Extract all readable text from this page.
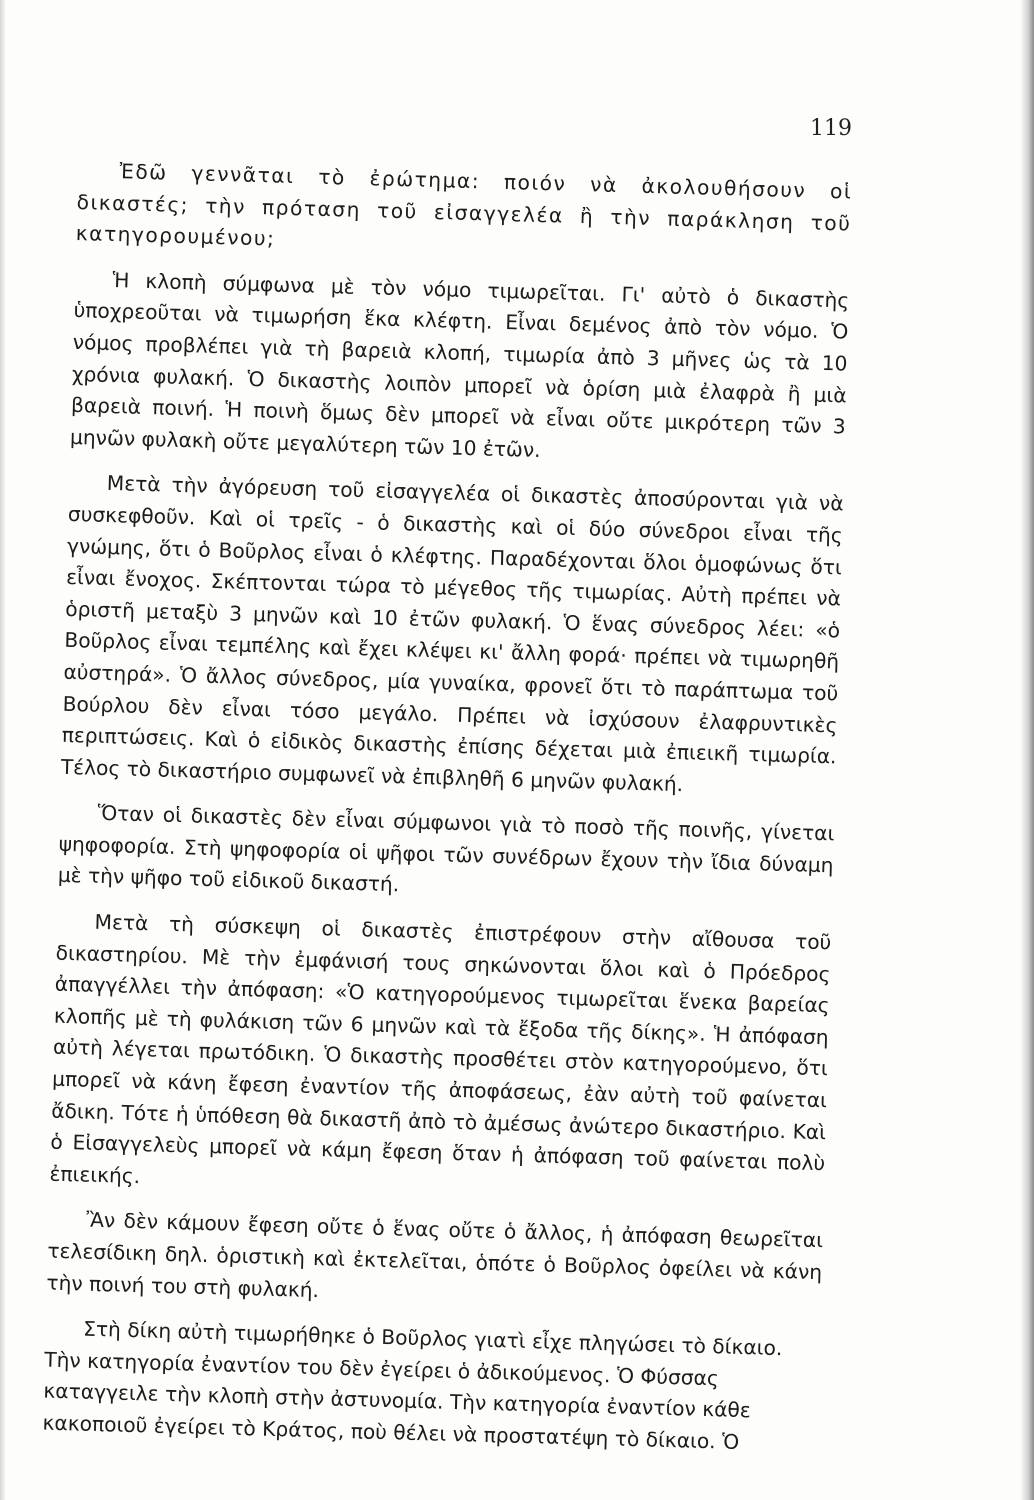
119

Ἐδῶ γεννᾶται τὸ ἐρώτημα: ποιόν νὰ ἀκολουθήσουν οἱ δικαστές; τὴν πρόταση τοῦ εἰσαγγελέα ἢ τὴν παράκληση τοῦ κατηγορουμένου;

Ἡ κλοπὴ σύμφωνα μὲ τὸν νόμο τιμωρεῖται. Γι' αὐτὸ ὁ δικαστὴς ὑποχρεοῦται νὰ τιμωρήση ἕκα κλέφτη. Εἶναι δεμένος ἀπὸ τὸν νόμο. Ὁ νόμος προβλέπει γιὰ τὴ βαρειὰ κλοπή, τιμωρία ἀπὸ 3 μῆνες ὡς τὰ 10 χρόνια φυλακή. Ὁ δικαστὴς λοιπὸν μπορεῖ νὰ ὁρίση μιὰ ἐλαφρὰ ἢ μιὰ βαρειὰ ποινή. Ἡ ποινὴ ὅμως δὲν μπορεῖ νὰ εἶναι οὔτε μικρότερη τῶν 3 μηνῶν φυλακὴ οὔτε μεγαλύτερη τῶν 10 ἐτῶν.

Μετὰ τὴν ἀγόρευση τοῦ εἰσαγγελέα οἱ δικαστὲς ἀποσύρονται γιὰ νὰ συσκεφθοῦν. Καὶ οἱ τρεῖς - ὁ δικαστὴς καὶ οἱ δύο σύνεδροι εἶναι τῆς γνώμης, ὅτι ὁ Βοῦρλος εἶναι ὁ κλέφτης. Παραδέχονται ὅλοι ὁμοφώνως ὅτι εἶναι ἔνοχος. Σκέπτονται τώρα τὸ μέγεθος τῆς τιμωρίας. Αὐτὴ πρέπει νὰ ὁριστῆ μεταξὺ 3 μηνῶν καὶ 10 ἐτῶν φυλακή. Ὁ ἕνας σύνεδρος λέει: «ὁ Βοῦρλος εἶναι τεμπέλης καὶ ἔχει κλέψει κι' ἄλλη φορά· πρέπει νὰ τιμωρηθῆ αὐστηρά». Ὁ ἄλλος σύνεδρος, μία γυναίκα, φρονεῖ ὅτι τὸ παράπτωμα τοῦ Βούρλου δὲν εἶναι τόσο μεγάλο. Πρέπει νὰ ἰσχύσουν ἐλαφρυντικὲς περιπτώσεις. Καὶ ὁ εἰδικὸς δικαστὴς ἐπίσης δέχεται μιὰ ἐπιεικῆ τιμωρία. Τέλος τὸ δικαστήριο συμφωνεῖ νὰ ἐπιβληθῆ 6 μηνῶν φυλακή.

Ὅταν οἱ δικαστὲς δὲν εἶναι σύμφωνοι γιὰ τὸ ποσὸ τῆς ποινῆς, γίνεται ψηφοφορία. Στὴ ψηφοφορία οἱ ψῆφοι τῶν συνέδρων ἔχουν τὴν ἴδια δύναμη μὲ τὴν ψῆφο τοῦ εἰδικοῦ δικαστή.

Μετὰ τὴ σύσκεψη οἱ δικαστὲς ἐπιστρέφουν στὴν αἴθουσα τοῦ δικαστηρίου. Μὲ τὴν ἐμφάνισή τους σηκώνονται ὅλοι καὶ ὁ Πρόεδρος ἀπαγγέλλει τὴν ἀπόφαση: «Ὁ κατηγορούμενος τιμωρεῖται ἕνεκα βαρείας κλοπῆς μὲ τὴ φυλάκιση τῶν 6 μηνῶν καὶ τὰ ἔξοδα τῆς δίκης». Ἡ ἀπόφαση αὐτὴ λέγεται πρωτόδικη. Ὁ δικαστὴς προσθέτει στὸν κατηγορούμενο, ὅτι μπορεῖ νὰ κάνη ἔφεση ἐναντίον τῆς ἀποφάσεως, ἐὰν αὐτὴ τοῦ φαίνεται ἄδικη. Τότε ἡ ὑπόθεση θὰ δικαστῆ ἀπὸ τὸ ἀμέσως ἀνώτερο δικαστήριο. Καὶ ὁ Εἰσαγγελεὺς μπορεῖ νὰ κάμη ἔφεση ὅταν ἡ ἀπόφαση τοῦ φαίνεται πολὺ ἐπιεικής.

Ἂν δὲν κάμουν ἔφεση οὔτε ὁ ἕνας οὔτε ὁ ἄλλος, ἡ ἀπόφαση θεωρεῖται τελεσίδικη δηλ. ὁριστικὴ καὶ ἐκτελεῖται, ὁπότε ὁ Βοῦρλος ὀφείλει νὰ κάνη τὴν ποινή του στὴ φυλακή.

Στὴ δίκη αὐτὴ τιμωρήθηκε ὁ Βοῦρλος γιατὶ εἶχε πληγώσει τὸ δίκαιο. Τὴν κατηγορία ἐναντίον του δὲν ἐγείρει ὁ ἀδικούμενος. Ὁ Φύσσας καταγγειλε τὴν κλοπὴ στὴν ἀστυνομία. Τὴν κατηγορία ἐναντίον κάθε κακοποιοῦ ἐγείρει τὸ Κράτος, ποὺ θέλει νὰ προστατέψη τὸ δίκαιο. Ὁ
